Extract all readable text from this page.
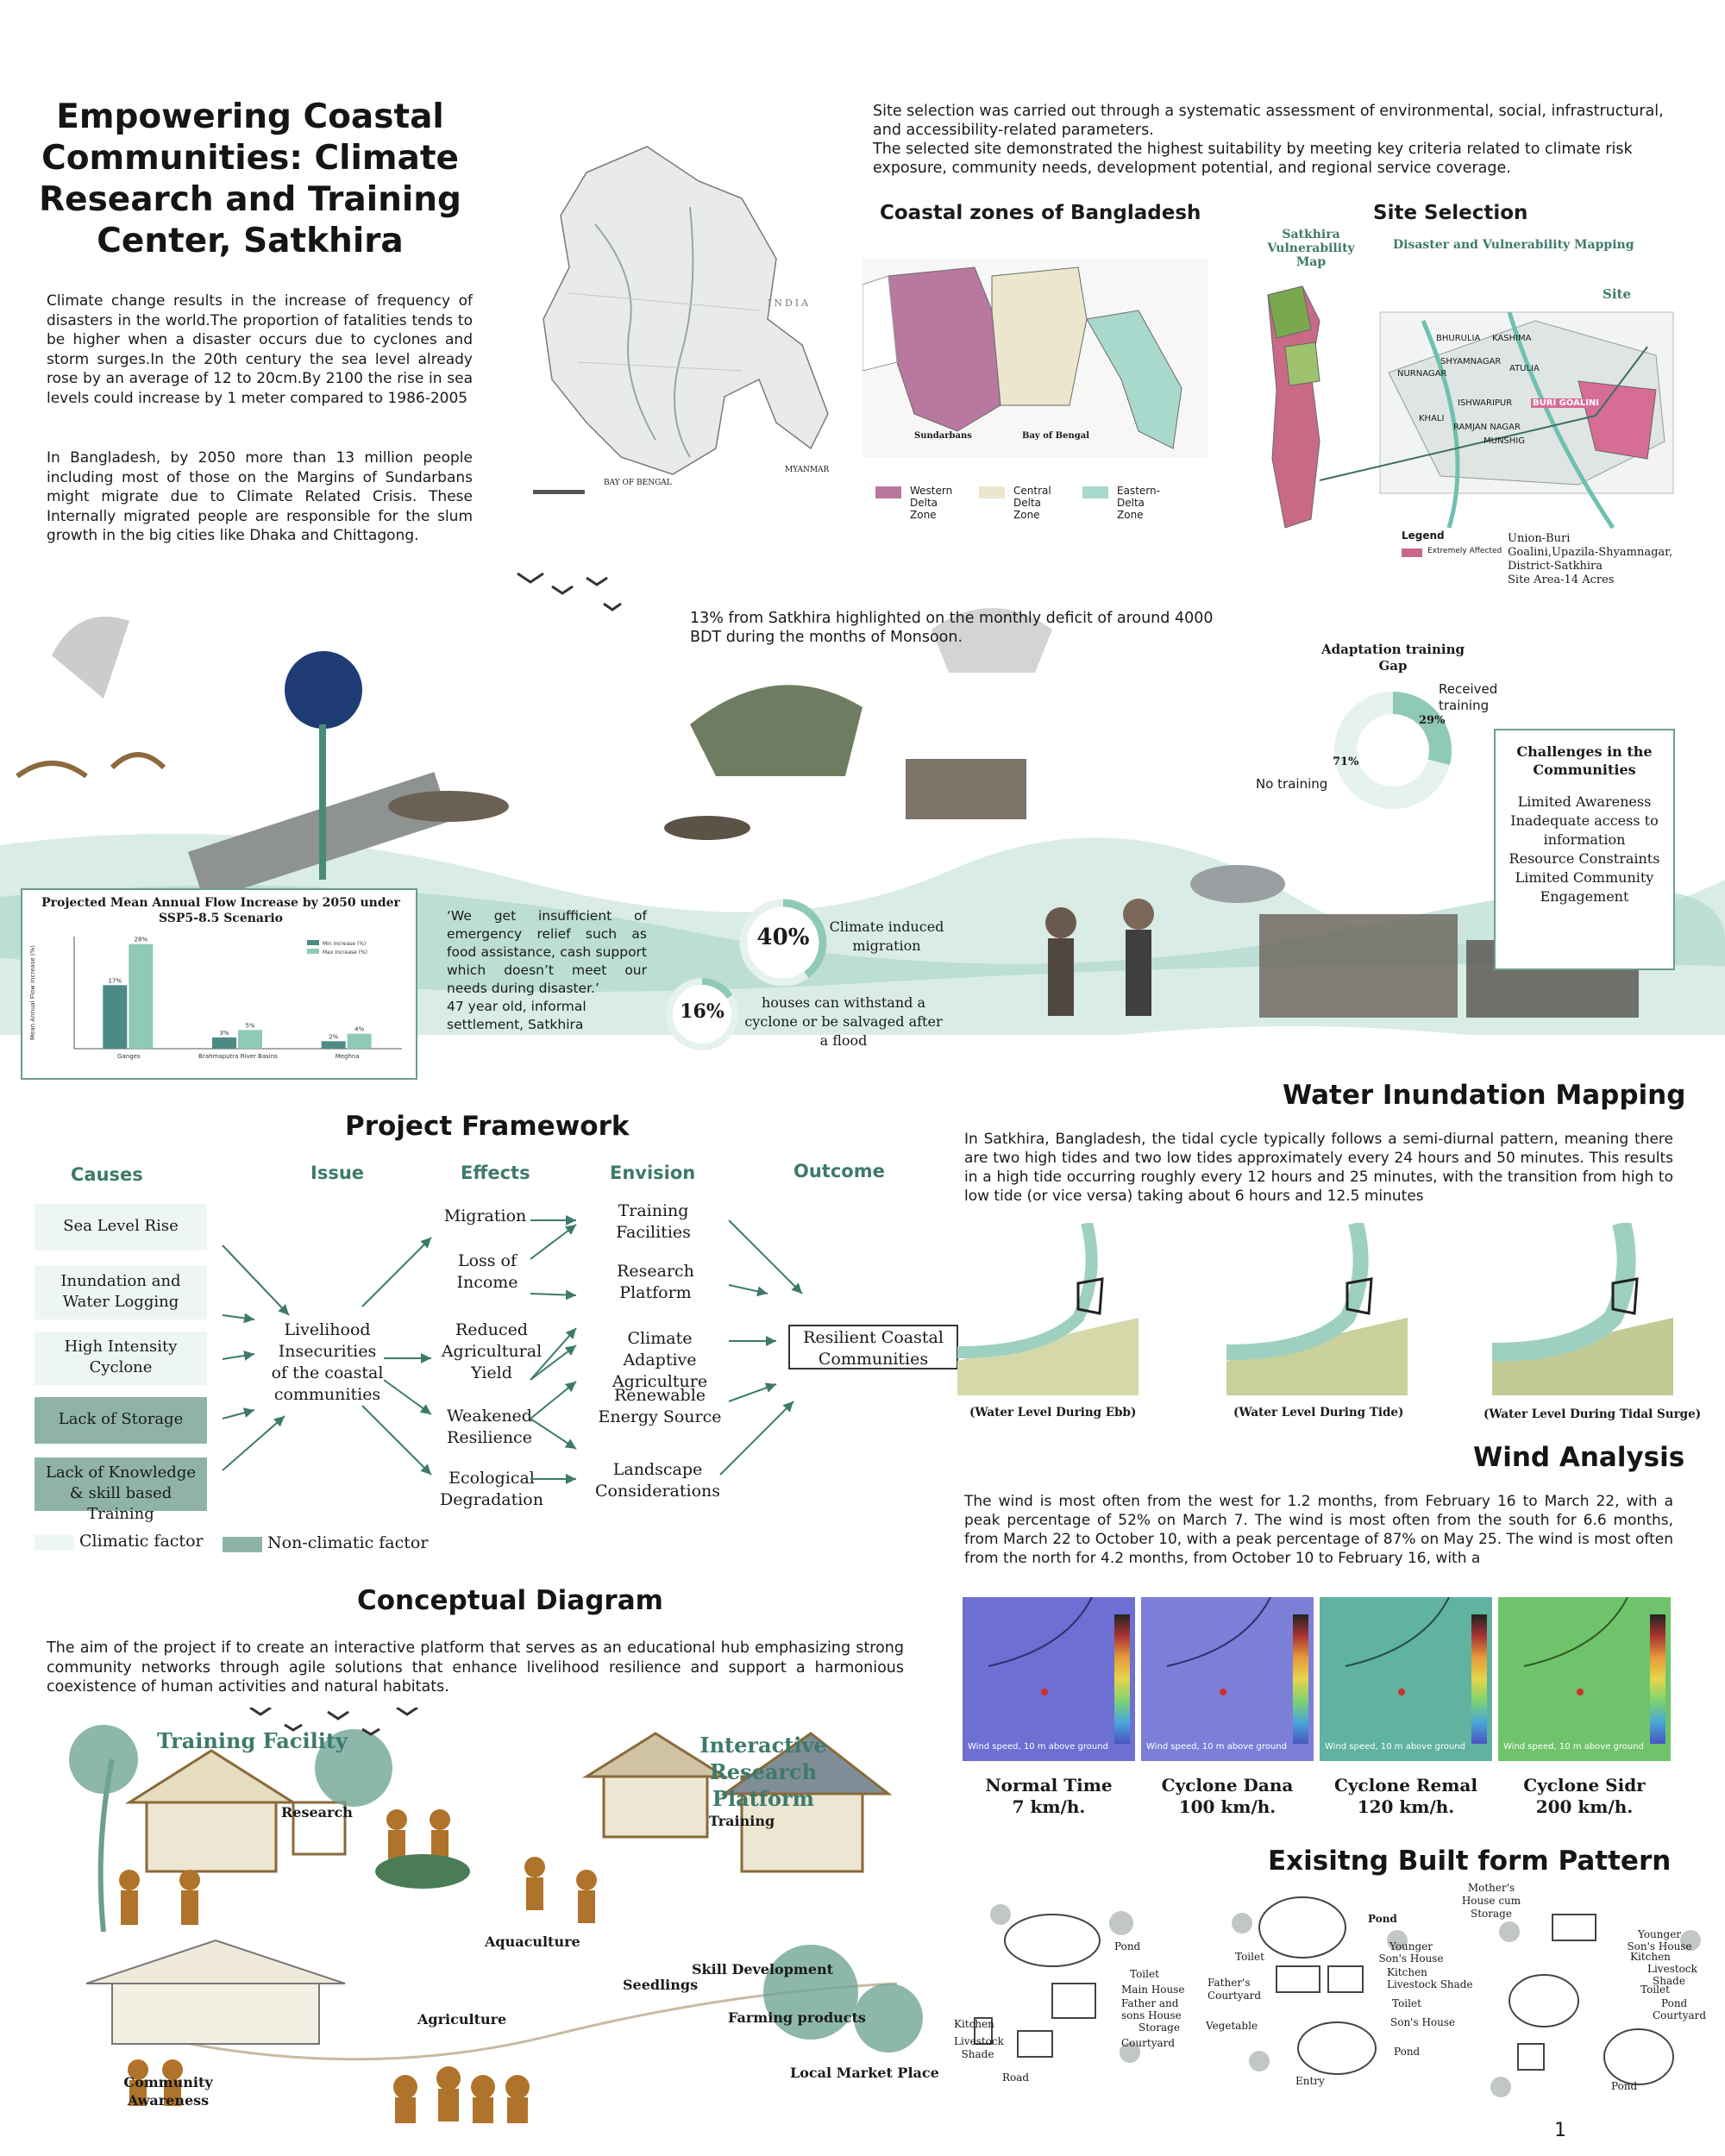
Empowering Coastal Communities: Climate Research and Training Center, Satkhira
Climate change results in the increase of frequency of disasters in the world.The proportion of fatalities tends to be higher when a disaster occurs due to cyclones and storm surges.In the 20th century the sea level already rose by an average of 12 to 20cm.By 2100 the rise in sea levels could increase by 1 meter compared to 1986-2005
In Bangladesh, by 2050 more than 13 million people including most of those on the Margins of Sundarbans might migrate due to Climate Related Crisis. These Internally migrated people are responsible for the slum growth in the big cities like Dhaka and Chittagong.
BAY OF BENGAL
INDIA
MYANMAR
Site selection was carried out through a systematic assessment of environmental, social, infrastructural, and accessibility-related parameters.
The selected site demonstrated the highest suitability by meeting key criteria related to climate risk exposure, community needs, development potential, and regional service coverage.
Coastal zones of Bangladesh
Sundarbans	Bay of Bengal
Western Delta Zone
Central Delta Zone
Eastern- Delta Zone
Site Selection
Satkhira Vulnerability Map
Disaster and Vulnerability Mapping
Site
BHURULIA KASHIMA
SHYAMNAGAR
NURNAGAR
ATULIA
ISHWARIPUR BURI GOALINI
KHALI
RAMJAN NAGAR
MUNSHIG
Legend
Extremely Affected
Union-Buri
Goalini,Upazila-Shyamnagar,
District-Satkhira
Site Area-14 Acres
13% from Satkhira highlighted on the monthly deficit of around 4000 BDT during the months of Monsoon.
Adaptation training Gap
Received training
29%
71%
No training
Challenges in the Communities
Limited Awareness
Inadequate access to information
Resource Constraints
Limited Community Engagement
Projected Mean Annual Flow Increase by 2050 under SSP5-8.5 Scenario
Mean Annual Flow Increase (%)	17%
28%
Ganges
3%
5%
Brahmaputra River Basins
2%
4%
Meghna
Min Increase (%)
Max Increase (%)
‘We get insufficient of emergency relief such as food assistance, cash support which doesn’t meet our needs during disaster.’
47 year old, informal settlement, Satkhira
40%	Climate induced migration
16%	houses can withstand a cyclone or be salvaged after a flood
Project Framework
Causes	Issue	Effects	Envision	Outcome
Sea Level Rise
Inundation and Water Logging
High Intensity Cyclone
Lack of Storage
Lack of Knowledge & skill based Training
Livelihood Insecurities of the coastal communities
Migration
Loss of Income
Reduced Agricultural Yield
Weakened Resilience
Ecological Degradation
Training Facilities
Research Platform
Climate Adaptive Agriculture
Renewable Energy Source
Landscape Considerations
Resilient Coastal Communities
Climatic factor	Non-climatic factor
Conceptual Diagram
The aim of the project if to create an interactive platform that serves as an educational hub emphasizing strong community networks through agile solutions that enhance livelihood resilience and support a harmonious coexistence of human activities and natural habitats.
Training Facility	Interactive Research Platform
Research
Aquaculture
Training
Seedlings
Skill Development
Agriculture	Farming products
Community Awareness
Local Market Place
Water Inundation Mapping
In Satkhira, Bangladesh, the tidal cycle typically follows a semi-diurnal pattern, meaning there are two high tides and two low tides approximately every 24 hours and 50 minutes. This results in a high tide occurring roughly every 12 hours and 25 minutes, with the transition from high to low tide (or vice versa) taking about 6 hours and 12.5 minutes
(Water Level During Ebb)	(Water Level During Tide)	(Water Level During Tidal Surge)
Wind Analysis
The wind is most often from the west for 1.2 months, from February 16 to March 22, with a peak percentage of 52% on March 7. The wind is most often from the south for 6.6 months, from March 22 to October 10, with a peak percentage of 87% on May 25. The wind is most often from the north for 4.2 months, from October 10 to February 16, with a
Wind speed, 10 m above ground	Wind speed, 10 m above ground	Wind speed, 10 m above ground	Wind speed, 10 m above ground
Normal Time
7 km/h.
Cyclone Dana
100 km/h.
Cyclone Remal
120 km/h.
Cyclone Sidr
200 km/h.
Exisitng Built form Pattern
Pond
Toilet
Main House
Father and sons House
Storage
Courtyard
Kitchen
Livestock Shade
Road
Pond
Toilet
Younger Son's House
Kitchen
Livestock Shade
Father's Courtyard
Toilet
Vegetable	Son's House
Pond
Entry
Mother's House cum Storage
Younger Son's House
Kitchen
Livestock Shade
Toilet
Pond
Courtyard
Pond
1
